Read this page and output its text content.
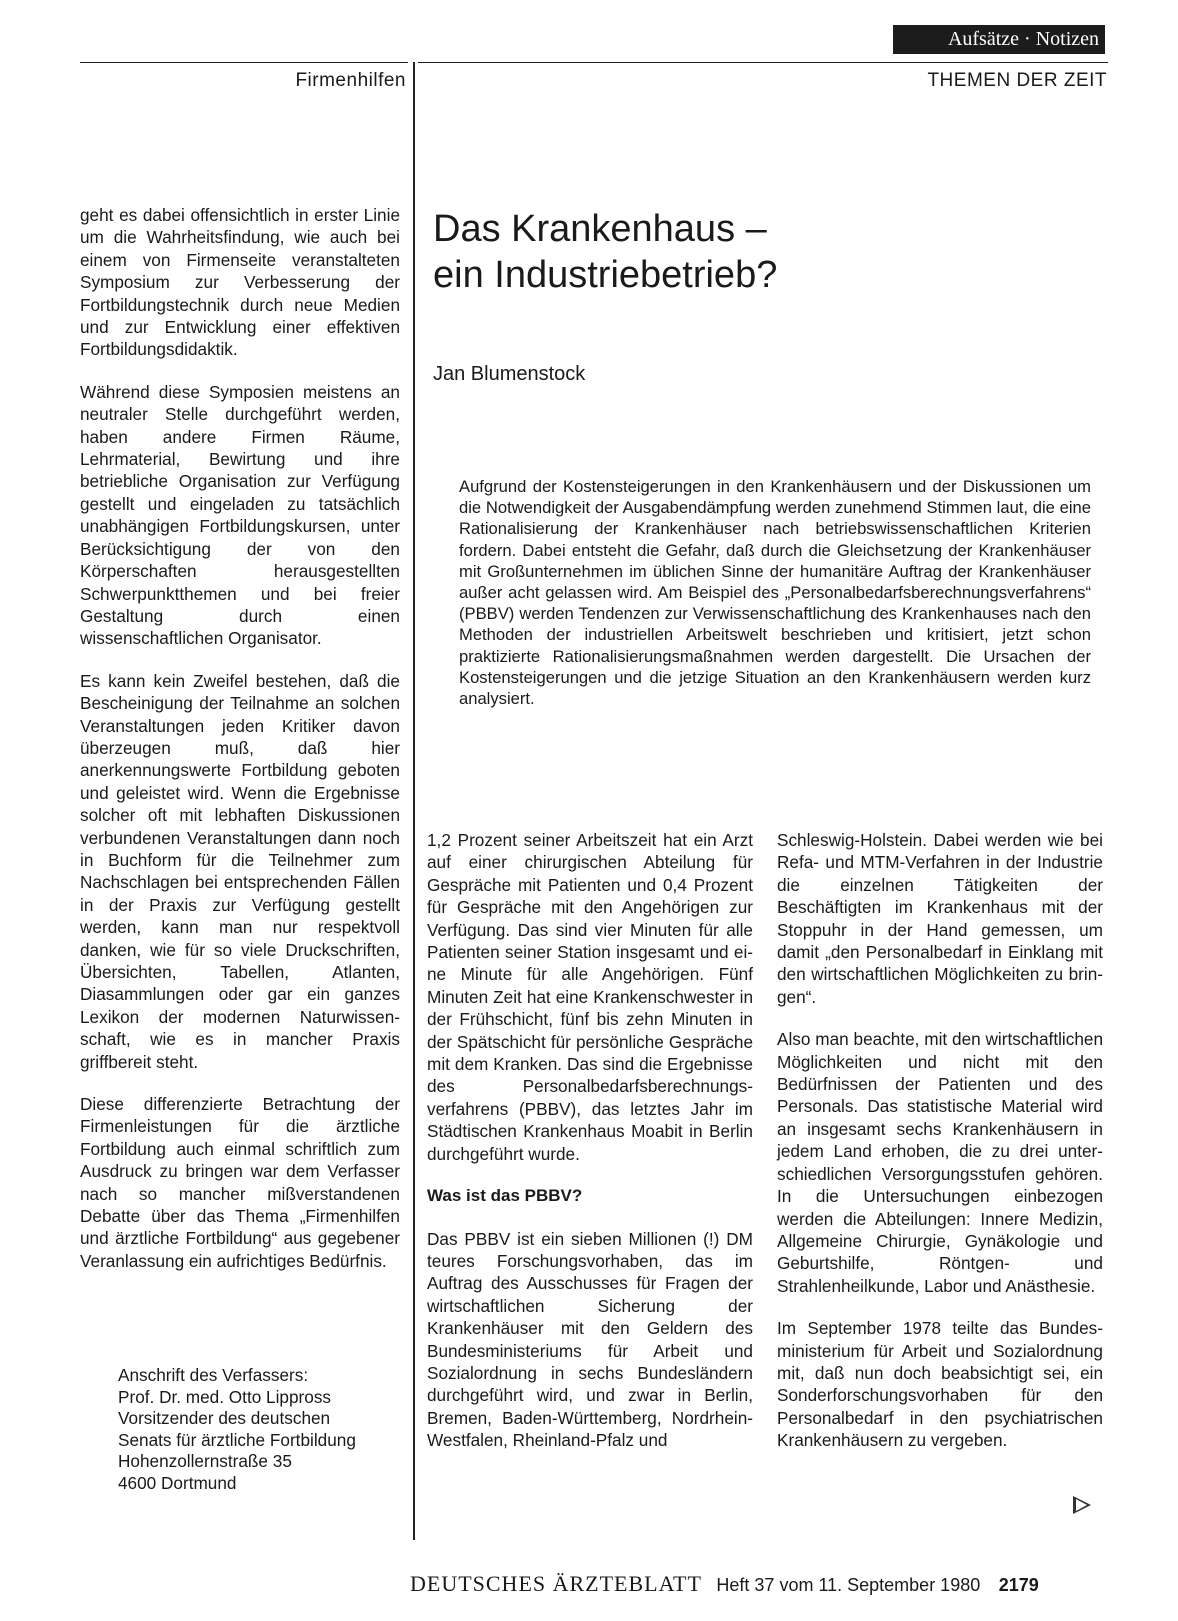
Aufsätze · Notizen
Firmenhilfen	THEMEN DER ZEIT

geht es dabei offensichtlich in erster Linie um die Wahrheitsfindung, wie auch bei einem von Firmenseite veranstalteten Symposium zur Verbesserung der Fortbildungstechnik durch neue Medien und zur Entwicklung einer effektiven Fortbildungsdidaktik.

Während diese Symposien meistens an neutraler Stelle durchgeführt werden, haben andere Firmen Räume, Lehrmaterial, Bewirtung und ihre betriebliche Organisation zur Verfügung gestellt und eingeladen zu tatsächlich unabhängigen Fortbildungskursen, unter Berücksichtigung der von den Körperschaften herausgestellten Schwerpunktthemen und bei freier Gestaltung durch einen wissenschaftlichen Organisator.

Es kann kein Zweifel bestehen, daß die Bescheinigung der Teilnahme an solchen Veranstaltungen jeden Kritiker davon überzeugen muß, daß hier anerkennungswerte Fortbildung geboten und geleistet wird. Wenn die Ergebnisse solcher oft mit lebhaften Diskussionen verbundenen Veranstaltungen dann noch in Buchform für die Teilnehmer zum Nachschlagen bei entsprechenden Fällen in der Praxis zur Verfügung gestellt werden, kann man nur respektvoll danken, wie für so viele Druckschriften, Übersichten, Tabellen, Atlanten, Diasammlungen oder gar ein ganzes Lexikon der modernen Naturwissenschaft, wie es in mancher Praxis griffbereit steht.

Diese differenzierte Betrachtung der Firmenleistungen für die ärztliche Fortbildung auch einmal schriftlich zum Ausdruck zu bringen war dem Verfasser nach so mancher mißverstandenen Debatte über das Thema „Firmenhilfen und ärztliche Fortbildung“ aus gegebener Veranlassung ein aufrichtiges Bedürfnis.

Anschrift des Verfassers:
Prof. Dr. med. Otto Lippross
Vorsitzender des deutschen
Senats für ärztliche Fortbildung
Hohenzollernstraße 35
4600 Dortmund
Das Krankenhaus –
ein Industriebetrieb?
Jan Blumenstock

Aufgrund der Kostensteigerungen in den Krankenhäusern und der Diskussionen um die Notwendigkeit der Ausgabendämpfung werden zunehmend Stimmen laut, die eine Rationalisierung der Krankenhäuser nach betriebswissenschaftlichen Kriterien fordern. Dabei entsteht die Gefahr, daß durch die Gleichsetzung der Krankenhäuser mit Großunternehmen im üblichen Sinne der humanitäre Auftrag der Krankenhäuser außer acht gelassen wird. Am Beispiel des „Personalbedarfsberechnungsverfahrens“ (PBBV) werden Tendenzen zur Verwissenschaftlichung des Krankenhauses nach den Methoden der industriellen Arbeitswelt beschrieben und kritisiert, jetzt schon praktizierte Rationalisierungsmaßnahmen werden dargestellt. Die Ursachen der Kostensteigerungen und die jetzige Situation an den Krankenhäusern werden kurz analysiert.

1,2 Prozent seiner Arbeitszeit hat ein Arzt auf einer chirurgischen Abteilung für Gespräche mit Patienten und 0,4 Prozent für Gespräche mit den Angehörigen zur Verfügung. Das sind vier Minuten für alle Patienten seiner Station insgesamt und eine Minute für alle Angehörigen. Fünf Minuten Zeit hat eine Krankenschwester in der Frühschicht, fünf bis zehn Minuten in der Spätschicht für persönliche Gespräche mit dem Kranken. Das sind die Ergebnisse des Personalbedarfsberechnungsverfahrens (PBBV), das letztes Jahr im Städtischen Krankenhaus Moabit in Berlin durchgeführt wurde.

Was ist das PBBV?

Das PBBV ist ein sieben Millionen (!) DM teures Forschungsvorhaben, das im Auftrag des Ausschusses für Fragen der wirtschaftlichen Sicherung der Krankenhäuser mit den Geldern des Bundesministeriums für Arbeit und Sozialordnung in sechs Bundesländern durchgeführt wird, und zwar in Berlin, Bremen, Baden-Württemberg, Nordrhein-Westfalen, Rheinland-Pfalz und

Schleswig-Holstein. Dabei werden wie bei Refa- und MTM-Verfahren in der Industrie die einzelnen Tätigkeiten der Beschäftigten im Krankenhaus mit der Stoppuhr in der Hand gemessen, um damit „den Personalbedarf in Einklang mit den wirtschaftlichen Möglichkeiten zu bringen“.

Also man beachte, mit den wirtschaftlichen Möglichkeiten und nicht mit den Bedürfnissen der Patienten und des Personals. Das statistische Material wird an insgesamt sechs Krankenhäusern in jedem Land erhoben, die zu drei unterschiedlichen Versorgungsstufen gehören. In die Untersuchungen einbezogen werden die Abteilungen: Innere Medizin, Allgemeine Chirurgie, Gynäkologie und Geburtshilfe, Röntgen- und Strahlenheilkunde, Labor und Anästhesie.

Im September 1978 teilte das Bundesministerium für Arbeit und Sozialordnung mit, daß nun doch beabsichtigt sei, ein Sonderforschungsvorhaben für den Personalbedarf in den psychiatrischen Krankenhäusern zu vergeben.

DEUTSCHES ÄRZTEBLATT Heft 37 vom 11. September 1980 2179
